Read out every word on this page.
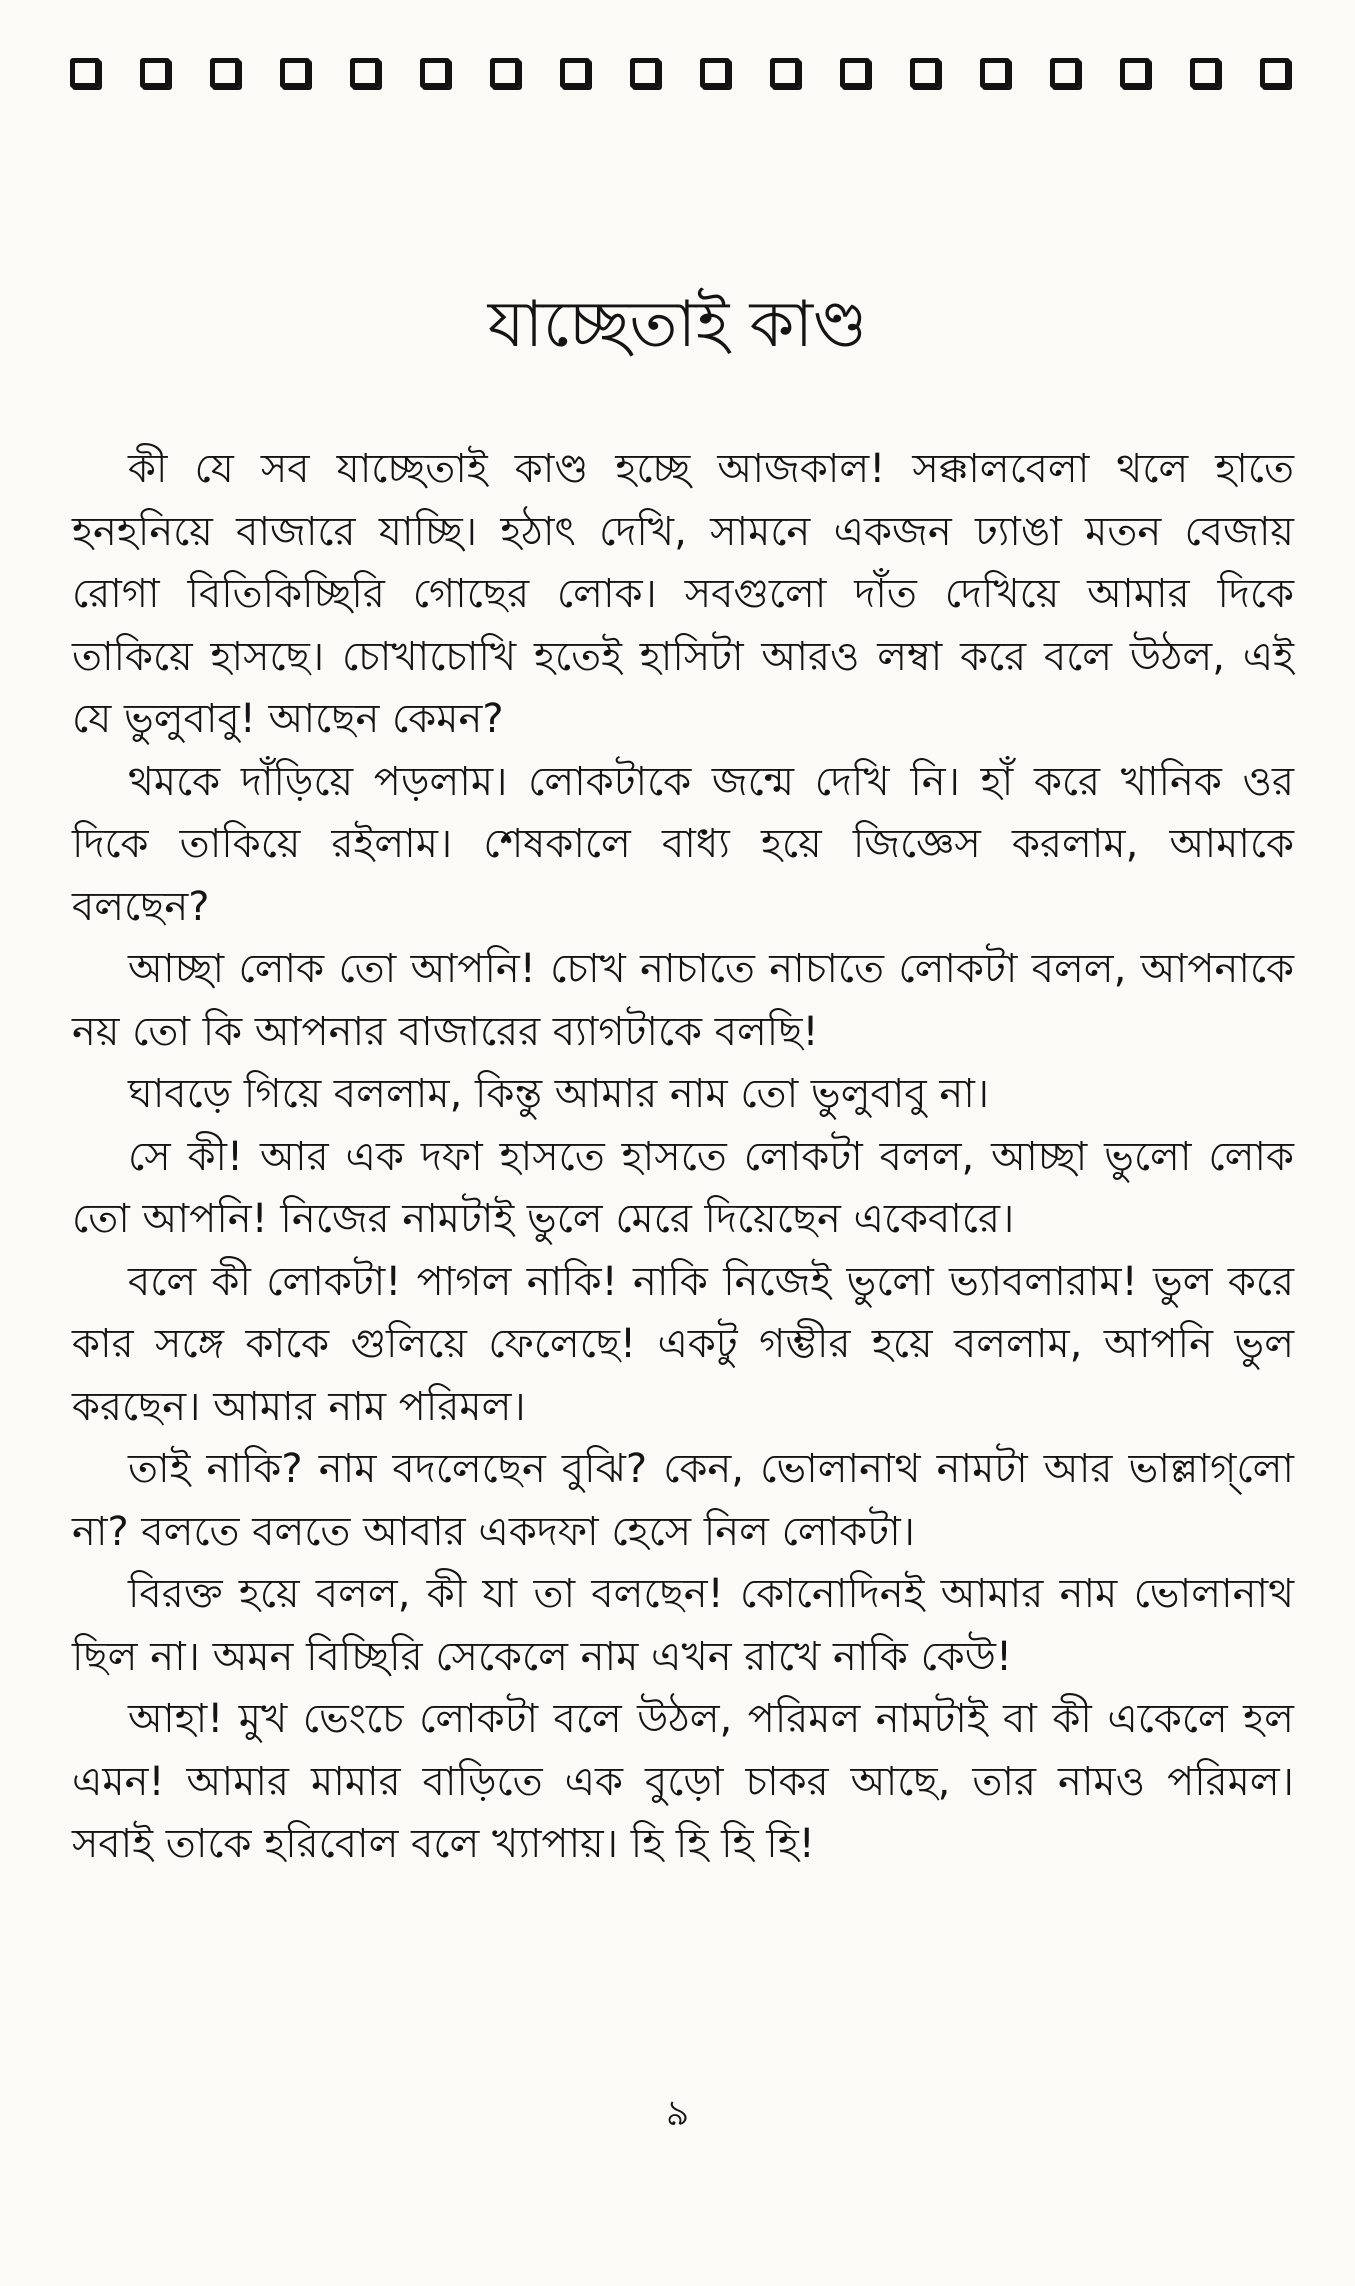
যাচ্ছেতাই কাণ্ড

কী যে সব যাচ্ছেতাই কাণ্ড হচ্ছে আজকাল! সক্কালবেলা থলে হাতে হনহনিয়ে বাজারে যাচ্ছি। হঠাৎ দেখি, সামনে একজন ঢ্যাঙা মতন বেজায় রোগা বিতিকিচ্ছিরি গোছের লোক। সবগুলো দাঁত দেখিয়ে আমার দিকে তাকিয়ে হাসছে। চোখাচোখি হতেই হাসিটা আরও লম্বা করে বলে উঠল, এই যে ভুলুবাবু! আছেন কেমন?

থমকে দাঁড়িয়ে পড়লাম। লোকটাকে জন্মে দেখি নি। হাঁ করে খানিক ওর দিকে তাকিয়ে রইলাম। শেষকালে বাধ্য হয়ে জিজ্ঞেস করলাম, আমাকে বলছেন?

আচ্ছা লোক তো আপনি! চোখ নাচাতে নাচাতে লোকটা বলল, আপনাকে নয় তো কি আপনার বাজারের ব্যাগটাকে বলছি!

ঘাবড়ে গিয়ে বললাম, কিন্তু আমার নাম তো ভুলুবাবু না।

সে কী! আর এক দফা হাসতে হাসতে লোকটা বলল, আচ্ছা ভুলো লোক তো আপনি! নিজের নামটাই ভুলে মেরে দিয়েছেন একেবারে।

বলে কী লোকটা! পাগল নাকি! নাকি নিজেই ভুলো ভ্যাবলারাম! ভুল করে কার সঙ্গে কাকে গুলিয়ে ফেলেছে! একটু গম্ভীর হয়ে বললাম, আপনি ভুল করছেন। আমার নাম পরিমল।

তাই নাকি? নাম বদলেছেন বুঝি? কেন, ভোলানাথ নামটা আর ভাল্লাগ্‌লো না? বলতে বলতে আবার একদফা হেসে নিল লোকটা।

বিরক্ত হয়ে বলল, কী যা তা বলছেন! কোনোদিনই আমার নাম ভোলানাথ ছিল না। অমন বিচ্ছিরি সেকেলে নাম এখন রাখে নাকি কেউ!

আহা! মুখ ভেংচে লোকটা বলে উঠল, পরিমল নামটাই বা কী একেলে হল এমন! আমার মামার বাড়িতে এক বুড়ো চাকর আছে, তার নামও পরিমল। সবাই তাকে হরিবোল বলে খ্যাপায়। হি হি হি হি!

৯
